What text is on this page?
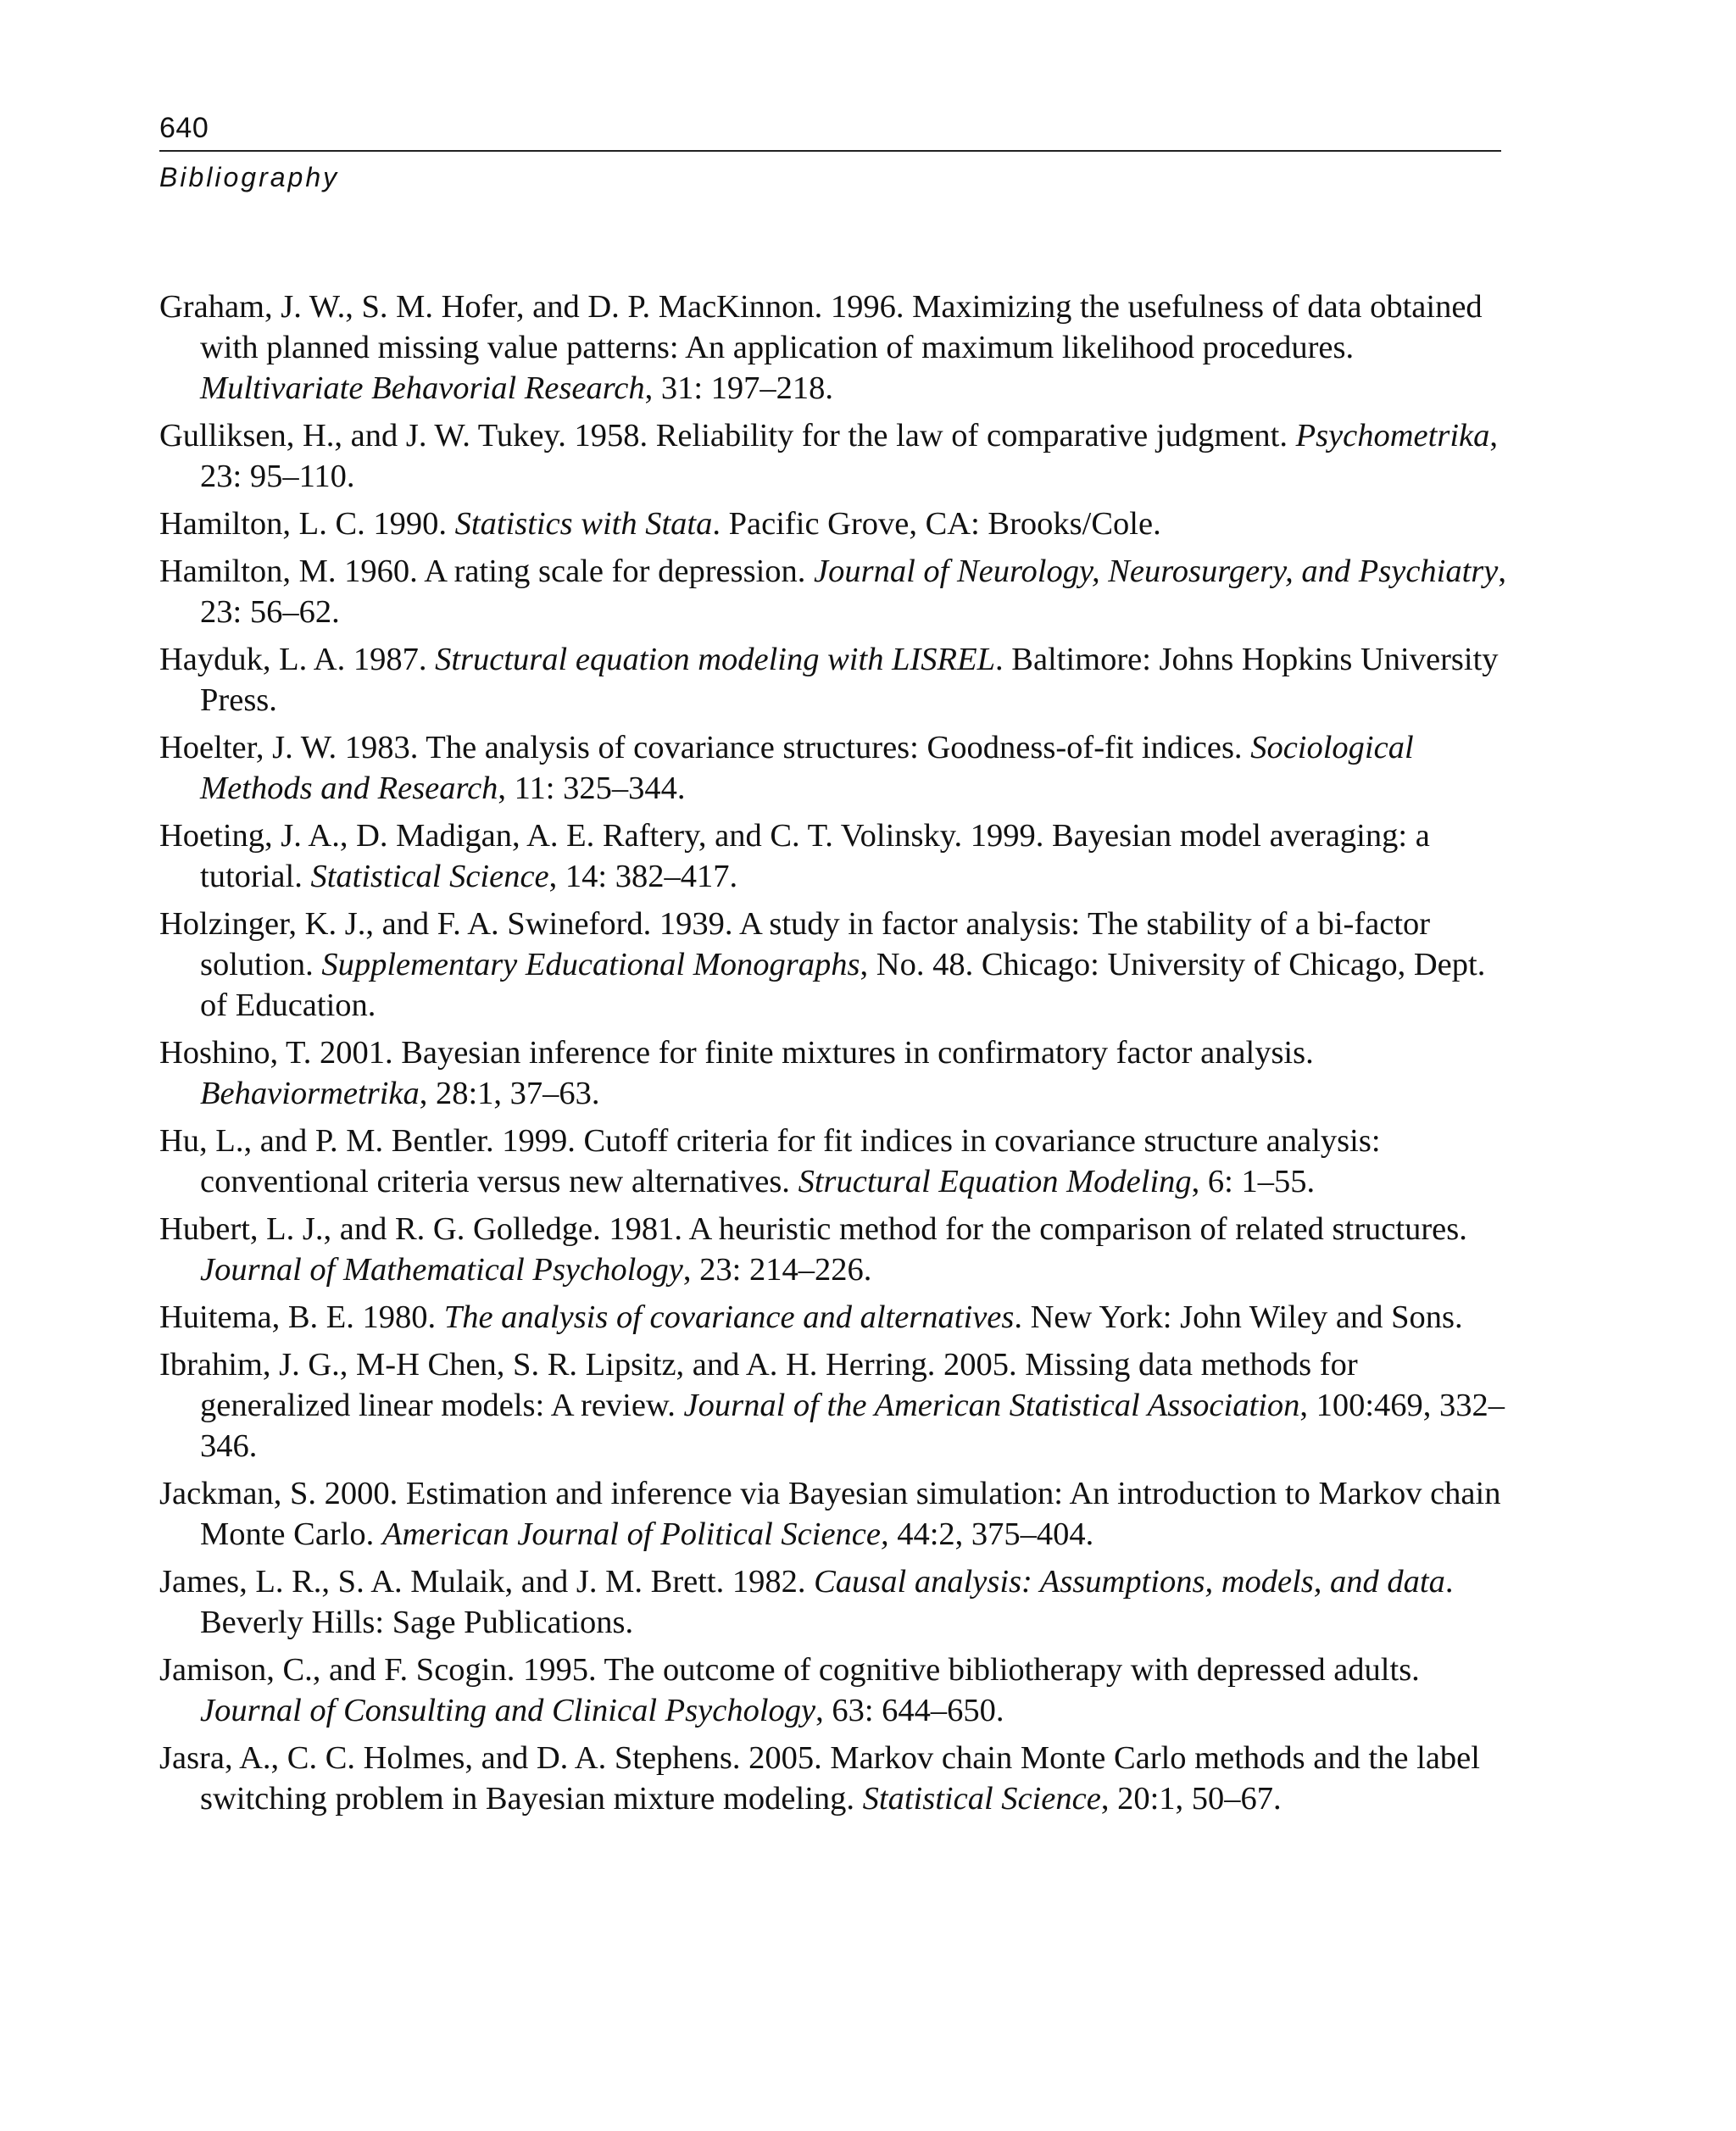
640
Bibliography
Graham, J. W., S. M. Hofer, and D. P. MacKinnon. 1996. Maximizing the usefulness of data obtained with planned missing value patterns: An application of maximum likelihood procedures. Multivariate Behavorial Research, 31: 197–218.
Gulliksen, H., and J. W. Tukey. 1958. Reliability for the law of comparative judgment. Psychometrika, 23: 95–110.
Hamilton, L. C. 1990. Statistics with Stata. Pacific Grove, CA: Brooks/Cole.
Hamilton, M. 1960. A rating scale for depression. Journal of Neurology, Neurosurgery, and Psychiatry, 23: 56–62.
Hayduk, L. A. 1987. Structural equation modeling with LISREL. Baltimore: Johns Hopkins University Press.
Hoelter, J. W. 1983. The analysis of covariance structures: Goodness-of-fit indices. Sociological Methods and Research, 11: 325–344.
Hoeting, J. A., D. Madigan, A. E. Raftery, and C. T. Volinsky. 1999. Bayesian model averaging: a tutorial. Statistical Science, 14: 382–417.
Holzinger, K. J., and F. A. Swineford. 1939. A study in factor analysis: The stability of a bi-factor solution. Supplementary Educational Monographs, No. 48. Chicago: University of Chicago, Dept. of Education.
Hoshino, T. 2001. Bayesian inference for finite mixtures in confirmatory factor analysis. Behaviormetrika, 28:1, 37–63.
Hu, L., and P. M. Bentler. 1999. Cutoff criteria for fit indices in covariance structure analysis: conventional criteria versus new alternatives. Structural Equation Modeling, 6: 1–55.
Hubert, L. J., and R. G. Golledge. 1981. A heuristic method for the comparison of related structures. Journal of Mathematical Psychology, 23: 214–226.
Huitema, B. E. 1980. The analysis of covariance and alternatives. New York: John Wiley and Sons.
Ibrahim, J. G., M-H Chen, S. R. Lipsitz, and A. H. Herring. 2005. Missing data methods for generalized linear models: A review. Journal of the American Statistical Association, 100:469, 332–346.
Jackman, S. 2000. Estimation and inference via Bayesian simulation: An introduction to Markov chain Monte Carlo. American Journal of Political Science, 44:2, 375–404.
James, L. R., S. A. Mulaik, and J. M. Brett. 1982. Causal analysis: Assumptions, models, and data. Beverly Hills: Sage Publications.
Jamison, C., and F. Scogin. 1995. The outcome of cognitive bibliotherapy with depressed adults. Journal of Consulting and Clinical Psychology, 63: 644–650.
Jasra, A., C. C. Holmes, and D. A. Stephens. 2005. Markov chain Monte Carlo methods and the label switching problem in Bayesian mixture modeling. Statistical Science, 20:1, 50–67.
